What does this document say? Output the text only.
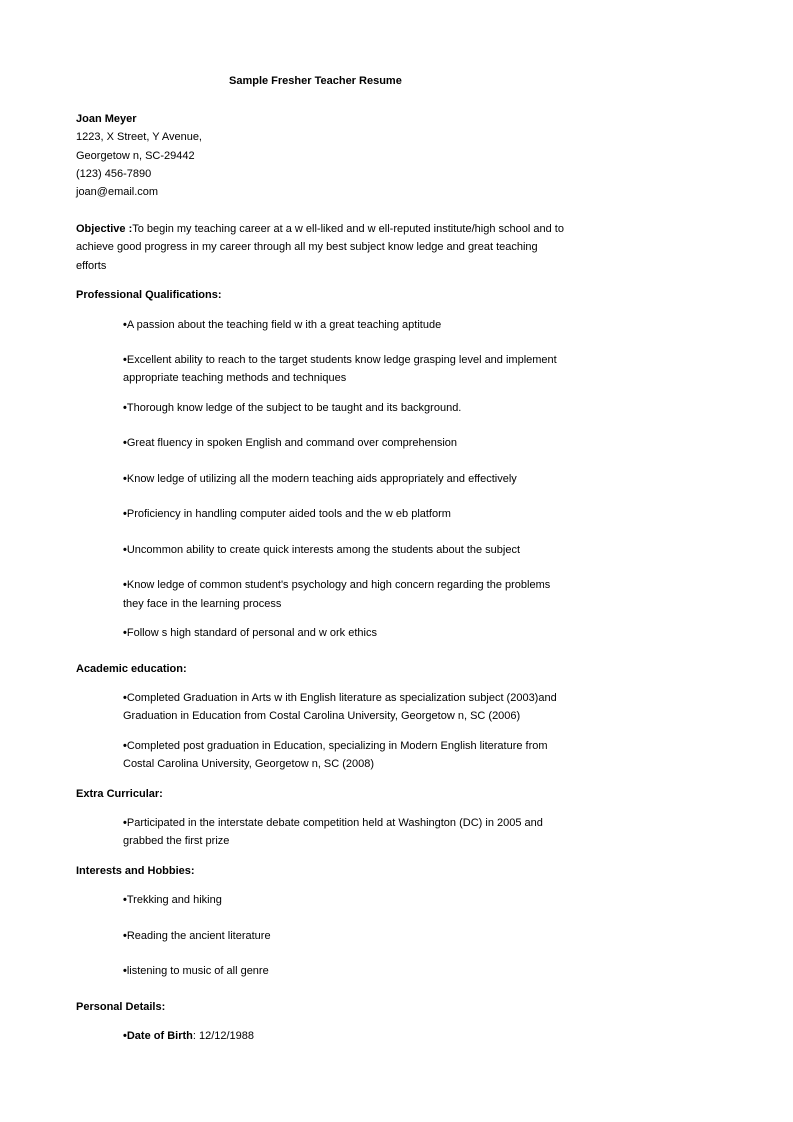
Sample Fresher Teacher Resume
Joan Meyer
1223, X Street, Y Avenue,
Georgetow n, SC-29442
(123) 456-7890
joan@email.com
Objective :To begin my teaching career at a w ell-liked and w ell-reputed institute/high school and to
achieve good progress in my career through all my best subject know ledge and great teaching
efforts
Professional Qualifications:
•A passion about the teaching field w ith a great teaching aptitude
•Excellent ability to reach to the target students know ledge grasping level and implement
appropriate teaching methods and techniques
•Thorough know ledge of the subject to be taught and its background.
•Great fluency in spoken English and command over comprehension
•Know ledge of utilizing all the modern teaching aids appropriately and effectively
•Proficiency in handling computer aided tools and the w eb platform
•Uncommon ability to create quick interests among the students about the subject
•Know ledge of common student's psychology and high concern regarding the problems
they face in the learning process
•Follow s high standard of personal and w ork ethics
Academic education:
•Completed Graduation in Arts w ith English literature as specialization subject (2003)and
Graduation in Education from Costal Carolina University, Georgetow n, SC (2006)
•Completed post graduation in Education, specializing in Modern English literature from
Costal Carolina University, Georgetow n, SC (2008)
Extra Curricular:
•Participated in the interstate debate competition held at Washington (DC) in 2005 and
grabbed the first prize
Interests and Hobbies:
•Trekking and hiking
•Reading the ancient literature
•listening to music of all genre
Personal Details:
•Date of Birth: 12/12/1988
